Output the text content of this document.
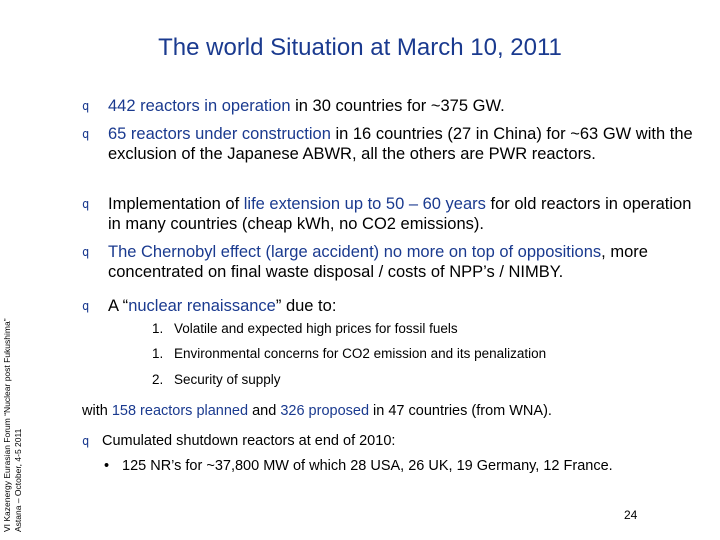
The world Situation at March 10, 2011
q 442 reactors in operation in 30 countries for ~375 GW.
q 65 reactors under construction in 16 countries (27 in China) for ~63 GW with the exclusion of the Japanese ABWR, all the others are PWR reactors.
q Implementation of life extension up to 50 – 60 years for old reactors in operation in many countries (cheap kWh, no CO2 emissions).
q The Chernobyl effect (large accident) no more on top of oppositions, more concentrated on final waste disposal / costs of NPP’s / NIMBY.
q A “nuclear renaissance” due to:
1. Volatile and expected high prices for fossil fuels
1. Environmental concerns for CO2 emission and its penalization
2. Security of supply
with 158 reactors planned and 326 proposed in 47 countries (from WNA).
q Cumulated shutdown reactors at end of 2010:
• 125 NR’s for ~37,800 MW of which 28 USA, 26 UK, 19 Germany, 12 France.
VI Kazenergy Eurasian Forum “Nuclear post Fukushima” Astana – October, 4-5 2011	24
